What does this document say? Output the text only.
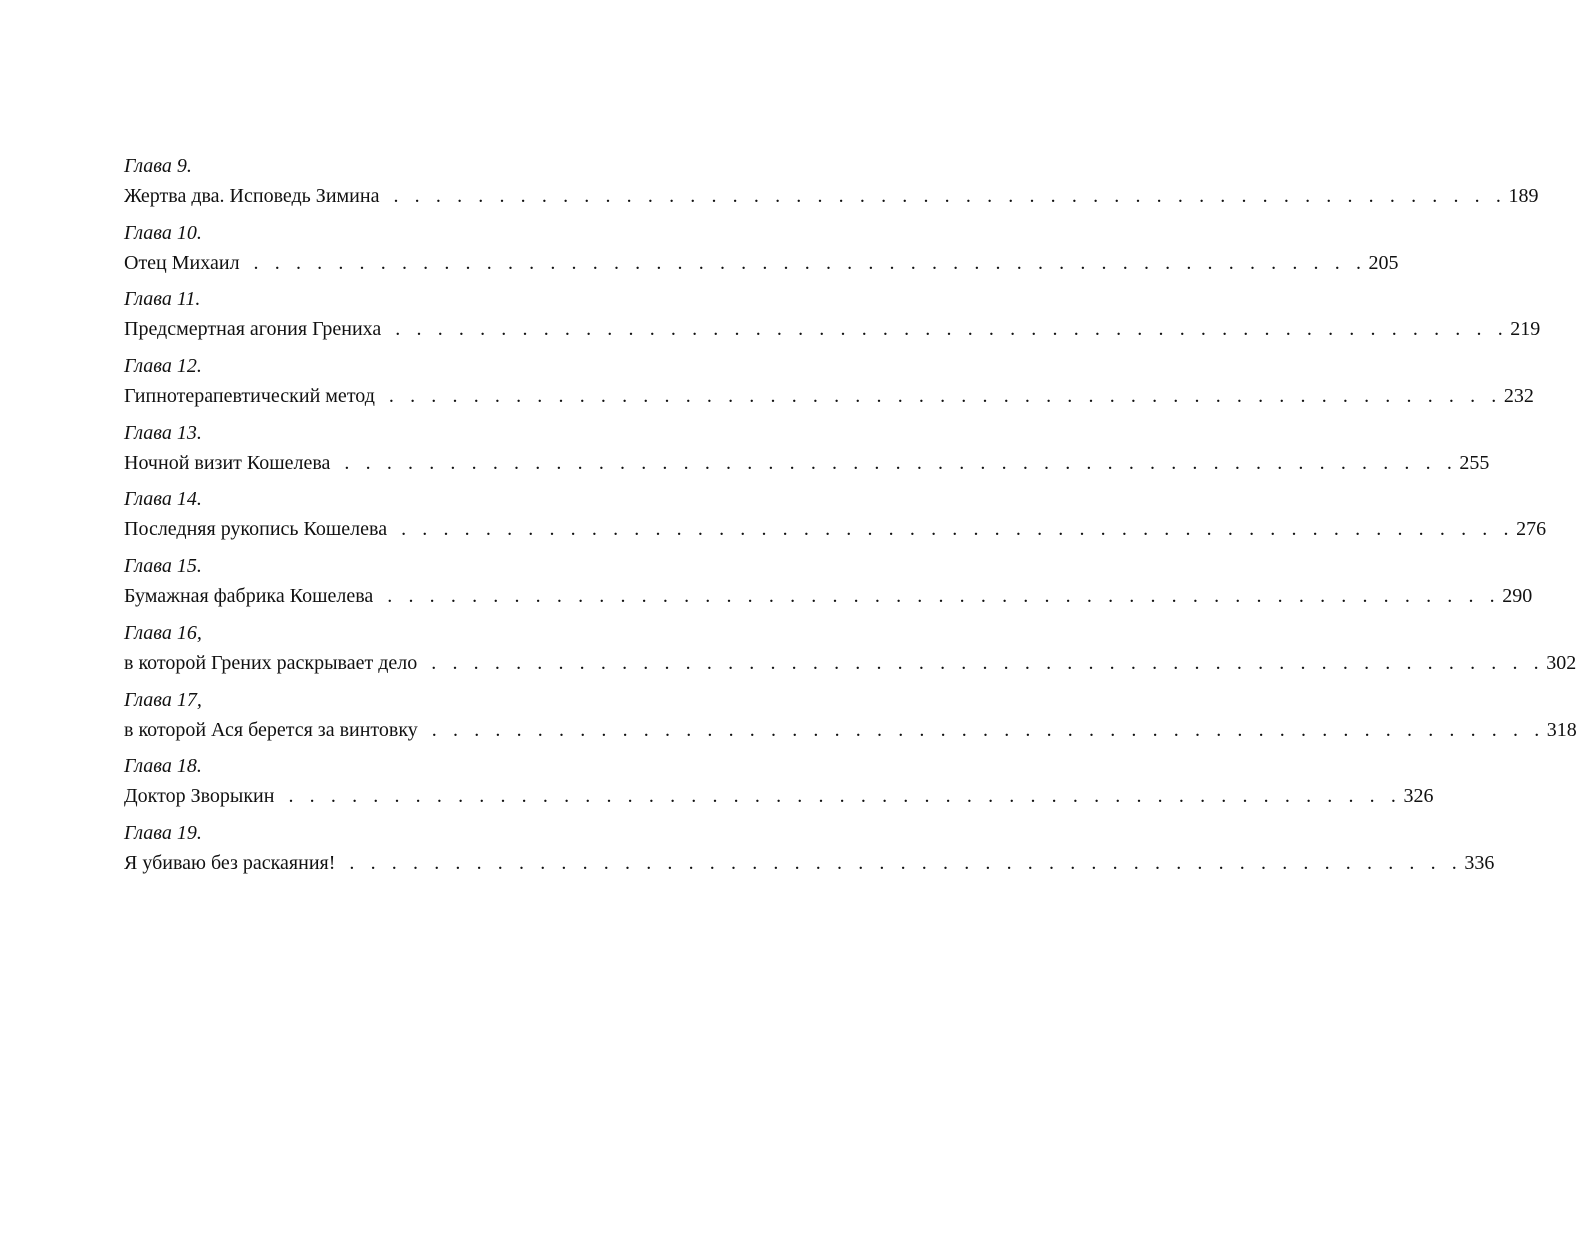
Глава 9.
Жертва два. Исповедь Зимина . . . . . . . . . . . . . . . . . . . . . . . . . . . . . . . . . . . . . . . . . . . . . . . . . . . . . 189
Глава 10.
Отец Михаил . . . . . . . . . . . . . . . . . . . . . . . . . . . . . . . . . . . . . . . . . . . . . . . . . . . . . 205
Глава 11.
Предсмертная агония Грениха . . . . . . . . . . . . . . . . . . . . . . . . . . . . . . . . . . . . . . . . . . . . . . . . . . . . . 219
Глава 12.
Гипнотерапевтический метод . . . . . . . . . . . . . . . . . . . . . . . . . . . . . . . . . . . . . . . . . . . . . . . . . . . . . 232
Глава 13.
Ночной визит Кошелева . . . . . . . . . . . . . . . . . . . . . . . . . . . . . . . . . . . . . . . . . . . . . . . . . . . . . 255
Глава 14.
Последняя рукопись Кошелева . . . . . . . . . . . . . . . . . . . . . . . . . . . . . . . . . . . . . . . . . . . . . . . . . . . . . 276
Глава 15.
Бумажная фабрика Кошелева . . . . . . . . . . . . . . . . . . . . . . . . . . . . . . . . . . . . . . . . . . . . . . . . . . . . . 290
Глава 16,
в которой Грених раскрывает дело . . . . . . . . . . . . . . . . . . . . . . . . . . . . . . . . . . . . . . . . . . . . . . . . . . . . . 302
Глава 17,
в которой Ася берется за винтовку . . . . . . . . . . . . . . . . . . . . . . . . . . . . . . . . . . . . . . . . . . . . . . . . . . . . . 318
Глава 18.
Доктор Зворыкин . . . . . . . . . . . . . . . . . . . . . . . . . . . . . . . . . . . . . . . . . . . . . . . . . . . . . 326
Глава 19.
Я убиваю без раскаяния! . . . . . . . . . . . . . . . . . . . . . . . . . . . . . . . . . . . . . . . . . . . . . . . . . . . . . 336
